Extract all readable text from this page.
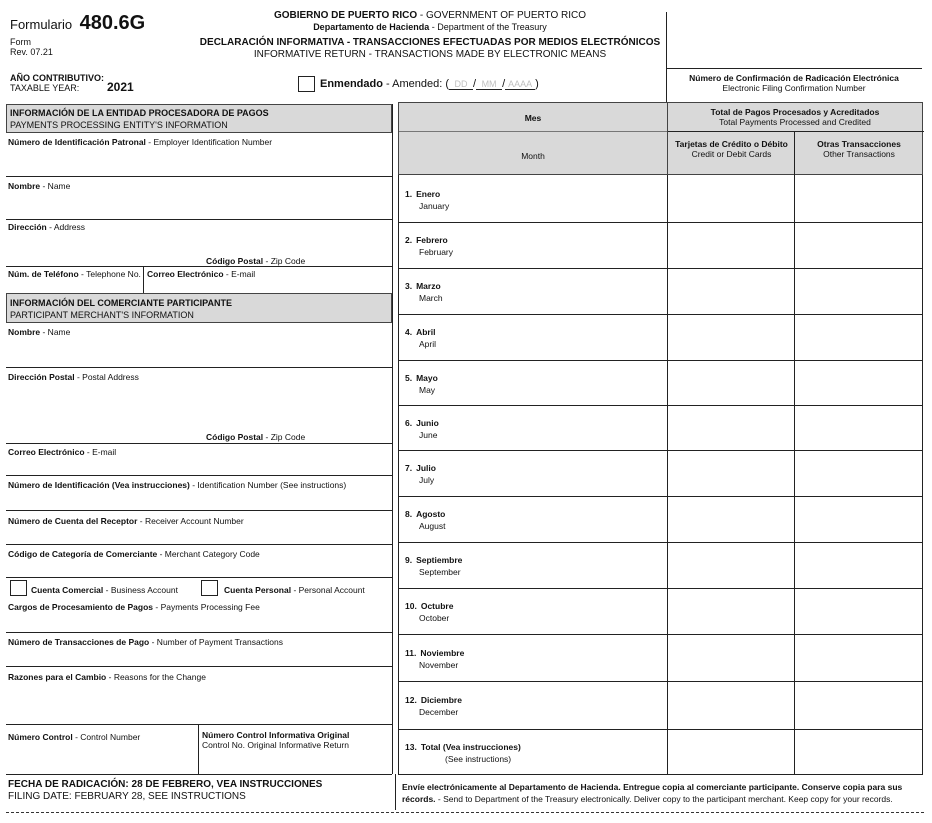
Formulario 480.6G
Form
Rev. 07.21
GOBIERNO DE PUERTO RICO - GOVERNMENT OF PUERTO RICO
Departamento de Hacienda - Department of the Treasury
DECLARACIÓN INFORMATIVA - TRANSACCIONES EFECTUADAS POR MEDIOS ELECTRÓNICOS
INFORMATIVE RETURN - TRANSACTIONS MADE BY ELECTRONIC MEANS
AÑO CONTRIBUTIVO:
TAXABLE YEAR:	2021	Enmendado - Amended: ( DD / MM / AAAA )	Número de Confirmación de Radicación Electrónica
Electronic Filing Confirmation Number
INFORMACIÓN DE LA ENTIDAD PROCESADORA DE PAGOS
PAYMENTS PROCESSING ENTITY'S INFORMATION
Número de Identificación Patronal - Employer Identification Number
Nombre - Name
Dirección - Address
Código Postal - Zip Code
Núm. de Teléfono - Telephone No. Correo Electrónico - E-mail
INFORMACIÓN DEL COMERCIANTE PARTICIPANTE
PARTICIPANT MERCHANT'S INFORMATION
Nombre - Name
Dirección Postal - Postal Address
Código Postal - Zip Code
Correo Electrónico - E-mail
Número de Identificación (Vea instrucciones) - Identification Number (See instructions)
Número de Cuenta del Receptor - Receiver Account Number
Código de Categoría de Comerciante - Merchant Category Code
Cuenta Comercial - Business Account	Cuenta Personal - Personal Account
Cargos de Procesamiento de Pagos - Payments Processing Fee
Número de Transacciones de Pago - Number of Payment Transactions
Razones para el Cambio - Reasons for the Change
Número Control - Control Number	Número Control Informativa Original
Control No. Original Informative Return
FECHA DE RADICACIÓN: 28 DE FEBRERO, VEA INSTRUCCIONES
FILING DATE: FEBRUARY 28, SEE INSTRUCTIONS
Mes
Month
Total de Pagos Procesados y Acreditados
Total Payments Processed and Credited
Tarjetas de Crédito o Débito
Credit or Debit Cards
Otras Transacciones
Other Transactions
1. Enero
January
2. Febrero
February
3. Marzo
March
4. Abril
April
5. Mayo
May
6. Junio
June
7. Julio
July
8. Agosto
August
9. Septiembre
September
10. Octubre
October
11. Noviembre
November
12. Diciembre
December
13. Total (Vea instrucciones)
(See instructions)
Envíe electrónicamente al Departamento de Hacienda. Entregue copia al comerciante participante. Conserve copia para sus récords. - Send to Department of the Treasury electronically. Deliver copy to the participant merchant. Keep copy for your records.
